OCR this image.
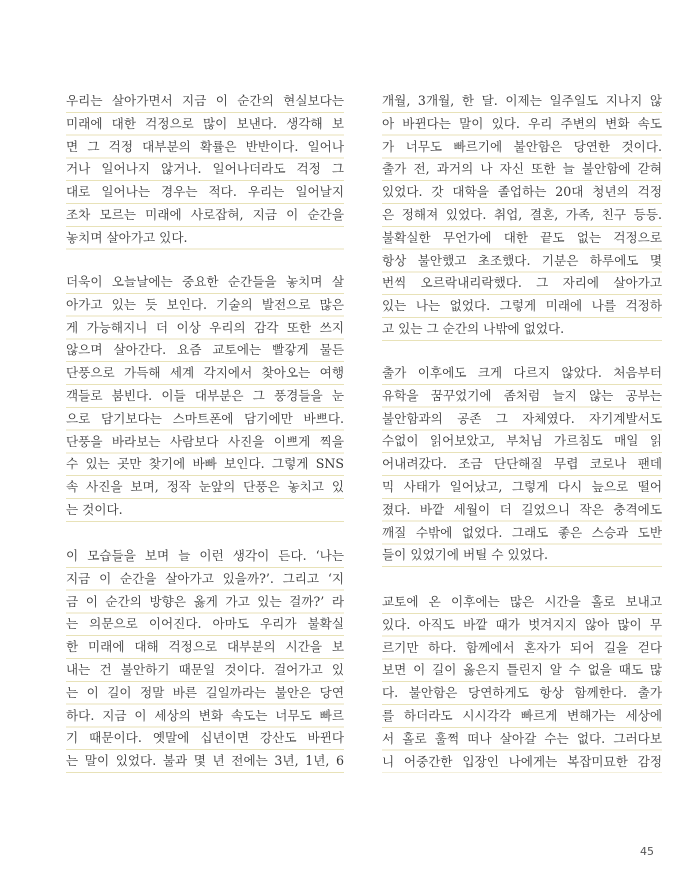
우리는 살아가면서 지금 이 순간의 현실보다는
미래에 대한 걱정으로 많이 보낸다. 생각해 보
면 그 걱정 대부분의 확률은 반반이다. 일어나
거나 일어나지 않거나. 일어나더라도 걱정 그
대로 일어나는 경우는 적다. 우리는 일어날지
조차 모르는 미래에 사로잡혀, 지금 이 순간을
놓치며 살아가고 있다.
더욱이 오늘날에는 중요한 순간들을 놓치며 살
아가고 있는 듯 보인다. 기술의 발전으로 많은
게 가능해지니 더 이상 우리의 감각 또한 쓰지
않으며 살아간다. 요즘 교토에는 빨갛게 물든
단풍으로 가득해 세계 각지에서 찾아오는 여행
객들로 붐빈다. 이들 대부분은 그 풍경들을 눈
으로 담기보다는 스마트폰에 담기에만 바쁘다.
단풍을 바라보는 사람보다 사진을 이쁘게 찍을
수 있는 곳만 찾기에 바빠 보인다. 그렇게 SNS
속 사진을 보며, 정작 눈앞의 단풍은 놓치고 있
는 것이다.
이 모습들을 보며 늘 이런 생각이 든다. ‘나는
지금 이 순간을 살아가고 있을까?’. 그리고 ‘지
금 이 순간의 방향은 옳게 가고 있는 걸까?’ 라
는 의문으로 이어진다. 아마도 우리가 불확실
한 미래에 대해 걱정으로 대부분의 시간을 보
내는 건 불안하기 때문일 것이다. 걸어가고 있
는 이 길이 정말 바른 길일까라는 불안은 당연
하다. 지금 이 세상의 변화 속도는 너무도 빠르
기 때문이다. 옛말에 십년이면 강산도 바뀐다
는 말이 있었다. 불과 몇 년 전에는 3년, 1년, 6
개월, 3개월, 한 달. 이제는 일주일도 지나지 않
아 바뀐다는 말이 있다. 우리 주변의 변화 속도
가 너무도 빠르기에 불안함은 당연한 것이다.
출가 전, 과거의 나 자신 또한 늘 불안함에 갇혀
있었다. 갓 대학을 졸업하는 20대 청년의 걱정
은 정해져 있었다. 취업, 결혼, 가족, 친구 등등.
불확실한 무언가에 대한 끝도 없는 걱정으로
항상 불안했고 초조했다. 기분은 하루에도 몇
번씩 오르락내리락했다. 그 자리에 살아가고
있는 나는 없었다. 그렇게 미래에 나를 걱정하
고 있는 그 순간의 나밖에 없었다.
출가 이후에도 크게 다르지 않았다. 처음부터
유학을 꿈꾸었기에 좀처럼 늘지 않는 공부는
불안함과의 공존 그 자체였다. 자기계발서도
수없이 읽어보았고, 부처님 가르침도 매일 읽
어내려갔다. 조금 단단해질 무렵 코로나 팬데
믹 사태가 일어났고, 그렇게 다시 늪으로 떨어
졌다. 바깥 세월이 더 길었으니 작은 충격에도
깨질 수밖에 없었다. 그래도 좋은 스승과 도반
들이 있었기에 버틸 수 있었다.
교토에 온 이후에는 많은 시간을 홀로 보내고
있다. 아직도 바깥 때가 벗겨지지 않아 많이 무
르기만 하다. 함께에서 혼자가 되어 길을 걷다
보면 이 길이 옳은지 틀린지 알 수 없을 때도 많
다. 불안함은 당연하게도 항상 함께한다. 출가
를 하더라도 시시각각 빠르게 변해가는 세상에
서 홀로 훌쩍 떠나 살아갈 수는 없다. 그러다보
니 어중간한 입장인 나에게는 복잡미묘한 감정
45
